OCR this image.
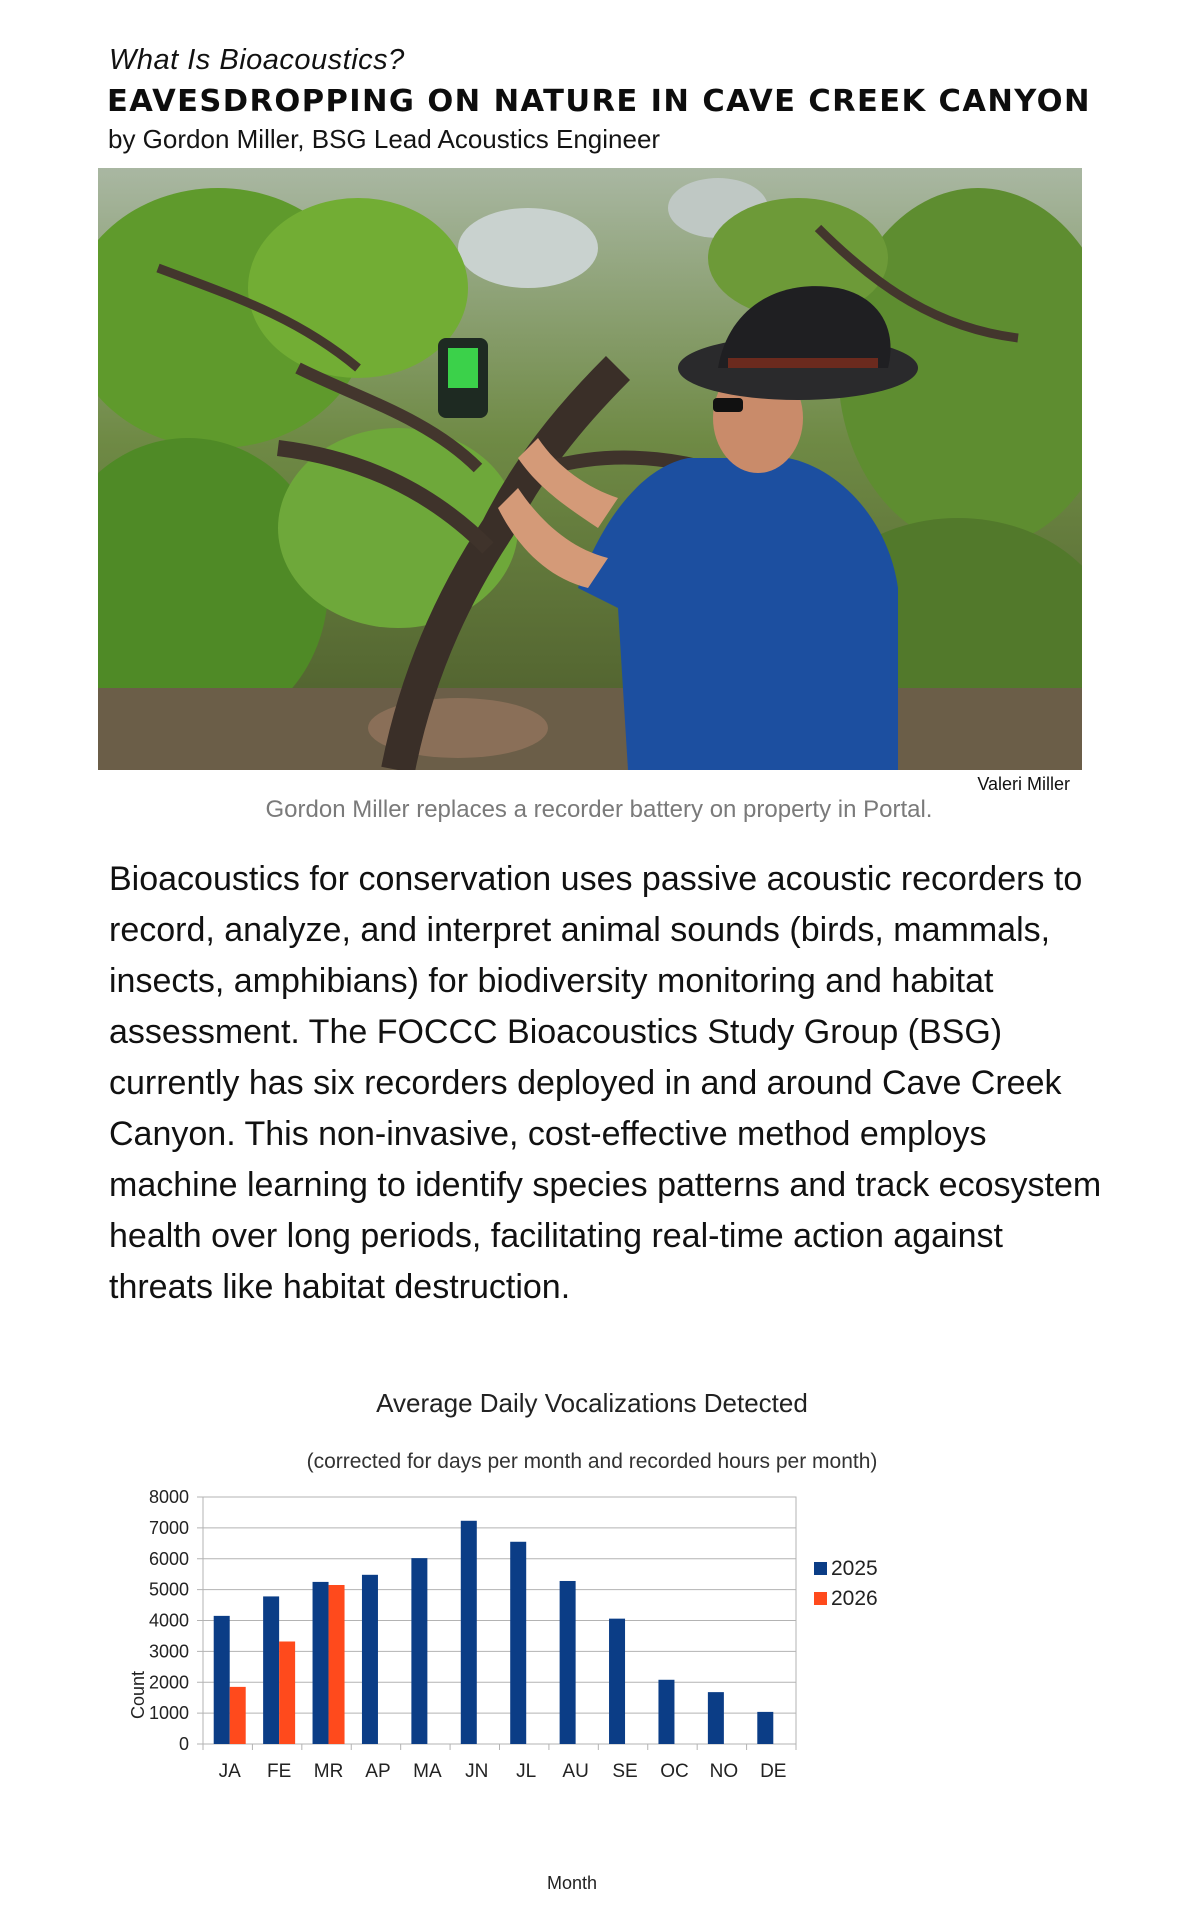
What Is Bioacoustics?
EAVESDROPPING ON NATURE IN CAVE CREEK CANYON
by Gordon Miller, BSG Lead Acoustics Engineer
Valeri Miller
Gordon Miller replaces a recorder battery on property in Portal.

Bioacoustics for conservation uses passive acoustic recorders to record, analyze, and interpret animal sounds (birds, mammals, insects, amphibians) for biodiversity monitoring and habitat assessment. The FOCCC Bioacoustics Study Group (BSG) currently has six recorders deployed in and around Cave Creek Canyon. This non-invasive, cost-effective method employs machine learning to identify species patterns and track ecosystem health over long periods, facilitating real-time action against threats like habitat destruction.

Average Daily Vocalizations Detected
(corrected for days per month and recorded hours per month)
Count
Month
0
1000
2000
3000
4000
5000
6000
7000
8000
JA FE MR AP MA JN JL AU SE OC NO DE
2025
2026
